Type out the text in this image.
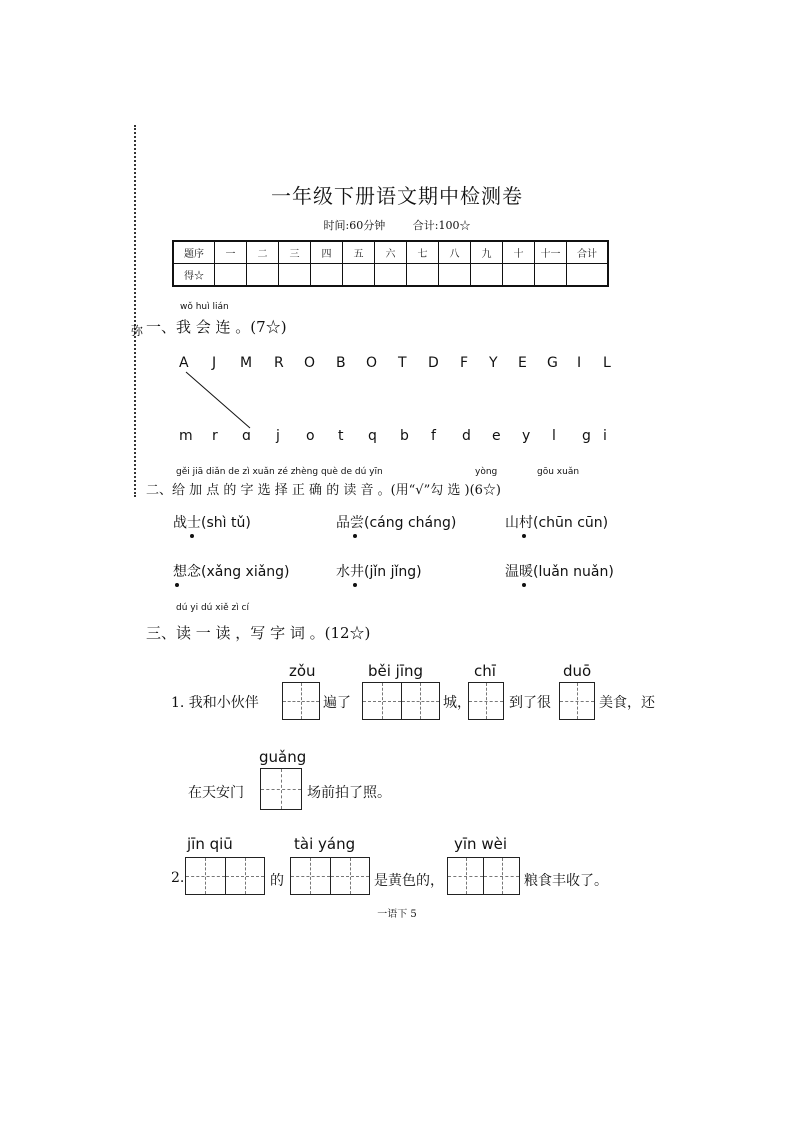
弥
一年级下册语文期中检测卷
时间:60分钟	合计:100☆
题序	一	二	三	四	五	六	七	八	九	十	十一	合计
得☆												
wǒ huì lián
一、我 会 连 。(7☆)
A J M R O B O T D F Y E G I L
m r ɑ j o t q b f d e y l g i
gěi jiā diǎn de zì xuǎn zé zhèng què de dú yīn	yòng	gōu xuǎn
二、给 加 点 的 字 选 择 正 确 的 读 音 。(用“√”勾 选 )(6☆)
战士(shì tǔ)	品尝(cáng cháng)	山村(chūn cūn)
想念(xǎng xiǎng)	水井(jǐn jǐng)	温暖(luǎn nuǎn)
dú yi dú xiě zì cí
三、读 一 读 ，写 字 词 。(12☆)
zǒu	běi jīng	chī	duō
1. 我和小伙伴	遍了	城，	到了很	美食，还
guǎng
在天安门	场前拍了照。
jīn qiū	tài yáng	yīn wèi
2.	的	是黄色的，	粮食丰收了。
一语下 5
